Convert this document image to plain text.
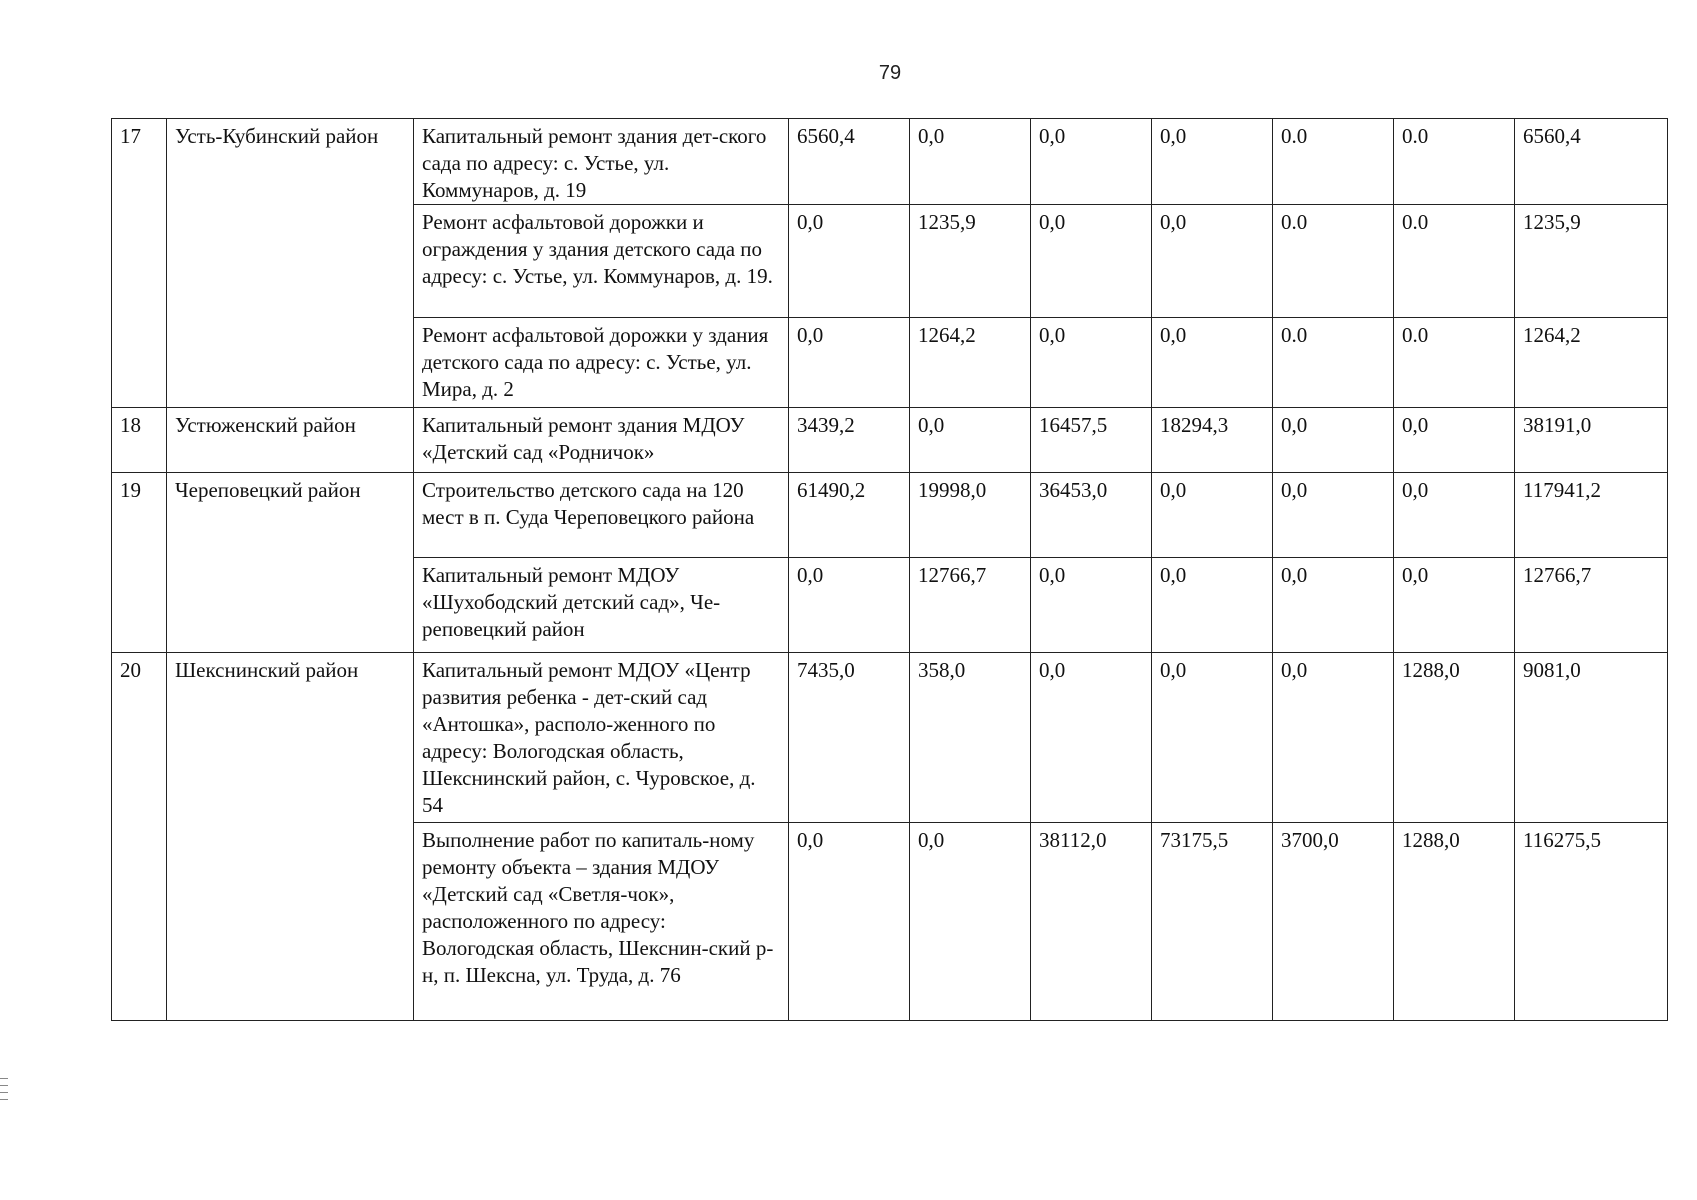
79
17	Усть-Кубинский район	Капитальный ремонт здания дет-ского сада по адресу: с. Устье, ул. Коммунаров, д. 19	6560,4	0,0	0,0	0,0	0.0	0.0	6560,4
		Ремонт асфальтовой дорожки и ограждения у здания детского сада по адресу: с. Устье, ул. Коммунаров, д. 19.	0,0	1235,9	0,0	0,0	0.0	0.0	1235,9
		Ремонт асфальтовой дорожки у здания детского сада по адресу: с. Устье, ул. Мира, д. 2	0,0	1264,2	0,0	0,0	0.0	0.0	1264,2
18	Устюженский район	Капитальный ремонт здания МДОУ «Детский сад «Родничок»	3439,2	0,0	16457,5	18294,3	0,0	0,0	38191,0
19	Череповецкий район	Строительство детского сада на 120 мест в п. Суда Череповецкого района	61490,2	19998,0	36453,0	0,0	0,0	0,0	117941,2
		Капитальный ремонт МДОУ «Шухободский детский сад», Че-реповецкий район	0,0	12766,7	0,0	0,0	0,0	0,0	12766,7
20	Шекснинский район	Капитальный ремонт МДОУ «Центр развития ребенка - дет-ский сад «Антошка», располо-женного по адресу: Вологодская область, Шекснинский район, с. Чуровское, д. 54	7435,0	358,0	0,0	0,0	0,0	1288,0	9081,0
		Выполнение работ по капиталь-ному ремонту объекта – здания МДОУ «Детский сад «Светля-чок», расположенного по адресу: Вологодская область, Шекснин-ский р-н, п. Шексна, ул. Труда, д. 76	0,0	0,0	38112,0	73175,5	3700,0	1288,0	116275,5
